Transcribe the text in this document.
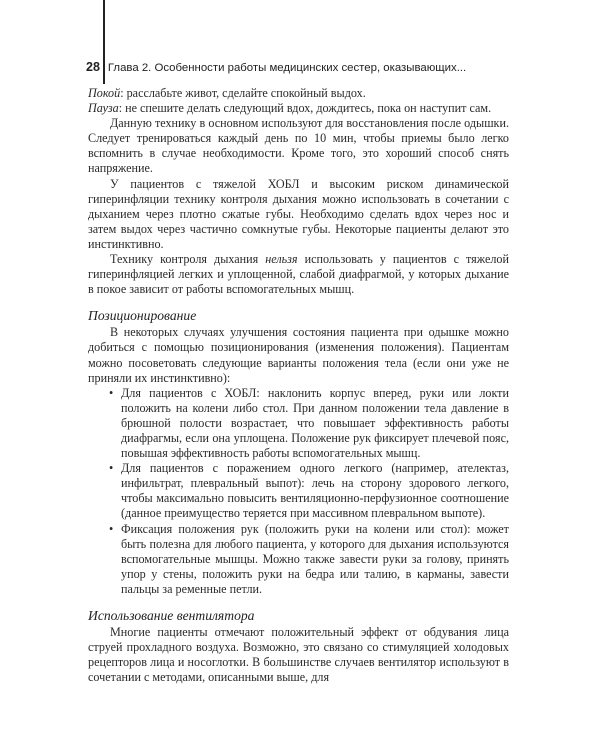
28 Глава 2. Особенности работы медицинских сестер, оказывающих...

Покой: расслабьте живот, сделайте спокойный выдох.

Пауза: не спешите делать следующий вдох, дождитесь, пока он наступит сам.

Данную технику в основном используют для восстановления после одышки. Следует тренироваться каждый день по 10 мин, чтобы приемы было легко вспомнить в случае необходимости. Кроме того, это хороший способ снять напряжение.

У пациентов с тяжелой ХОБЛ и высоким риском динамической гиперинфляции технику контроля дыхания можно использовать в сочетании с дыханием через плотно сжатые губы. Необходимо сделать вдох через нос и затем выдох через частично сомкнутые губы. Некоторые пациенты делают это инстинктивно.

Технику контроля дыхания нельзя использовать у пациентов с тяжелой гиперинфляцией легких и уплощенной, слабой диафрагмой, у которых дыхание в покое зависит от работы вспомогательных мышц.

Позиционирование

В некоторых случаях улучшения состояния пациента при одышке можно добиться с помощью позиционирования (изменения положения). Пациентам можно посоветовать следующие варианты положения тела (если они уже не приняли их инстинктивно):

• Для пациентов с ХОБЛ: наклонить корпус вперед, руки или локти положить на колени либо стол. При данном положении тела давление в брюшной полости возрастает, что повышает эффективность работы диафрагмы, если она уплощена. Положение рук фиксирует плечевой пояс, повышая эффективность работы вспомогательных мышц.
• Для пациентов с поражением одного легкого (например, ателектаз, инфильтрат, плевральный выпот): лечь на сторону здорового легкого, чтобы максимально повысить вентиляционно-перфузионное соотношение (данное преимущество теряется при массивном плевральном выпоте).
• Фиксация положения рук (положить руки на колени или стол): может быть полезна для любого пациента, у которого для дыхания используются вспомогательные мышцы. Можно также завести руки за голову, принять упор у стены, положить руки на бедра или талию, в карманы, завести пальцы за ременные петли.
Использование вентилятора

Многие пациенты отмечают положительный эффект от обдувания лица струей прохладного воздуха. Возможно, это связано со стимуляцией холодовых рецепторов лица и носоглотки. В большинстве случаев вентилятор используют в сочетании с методами, описанными выше, для
